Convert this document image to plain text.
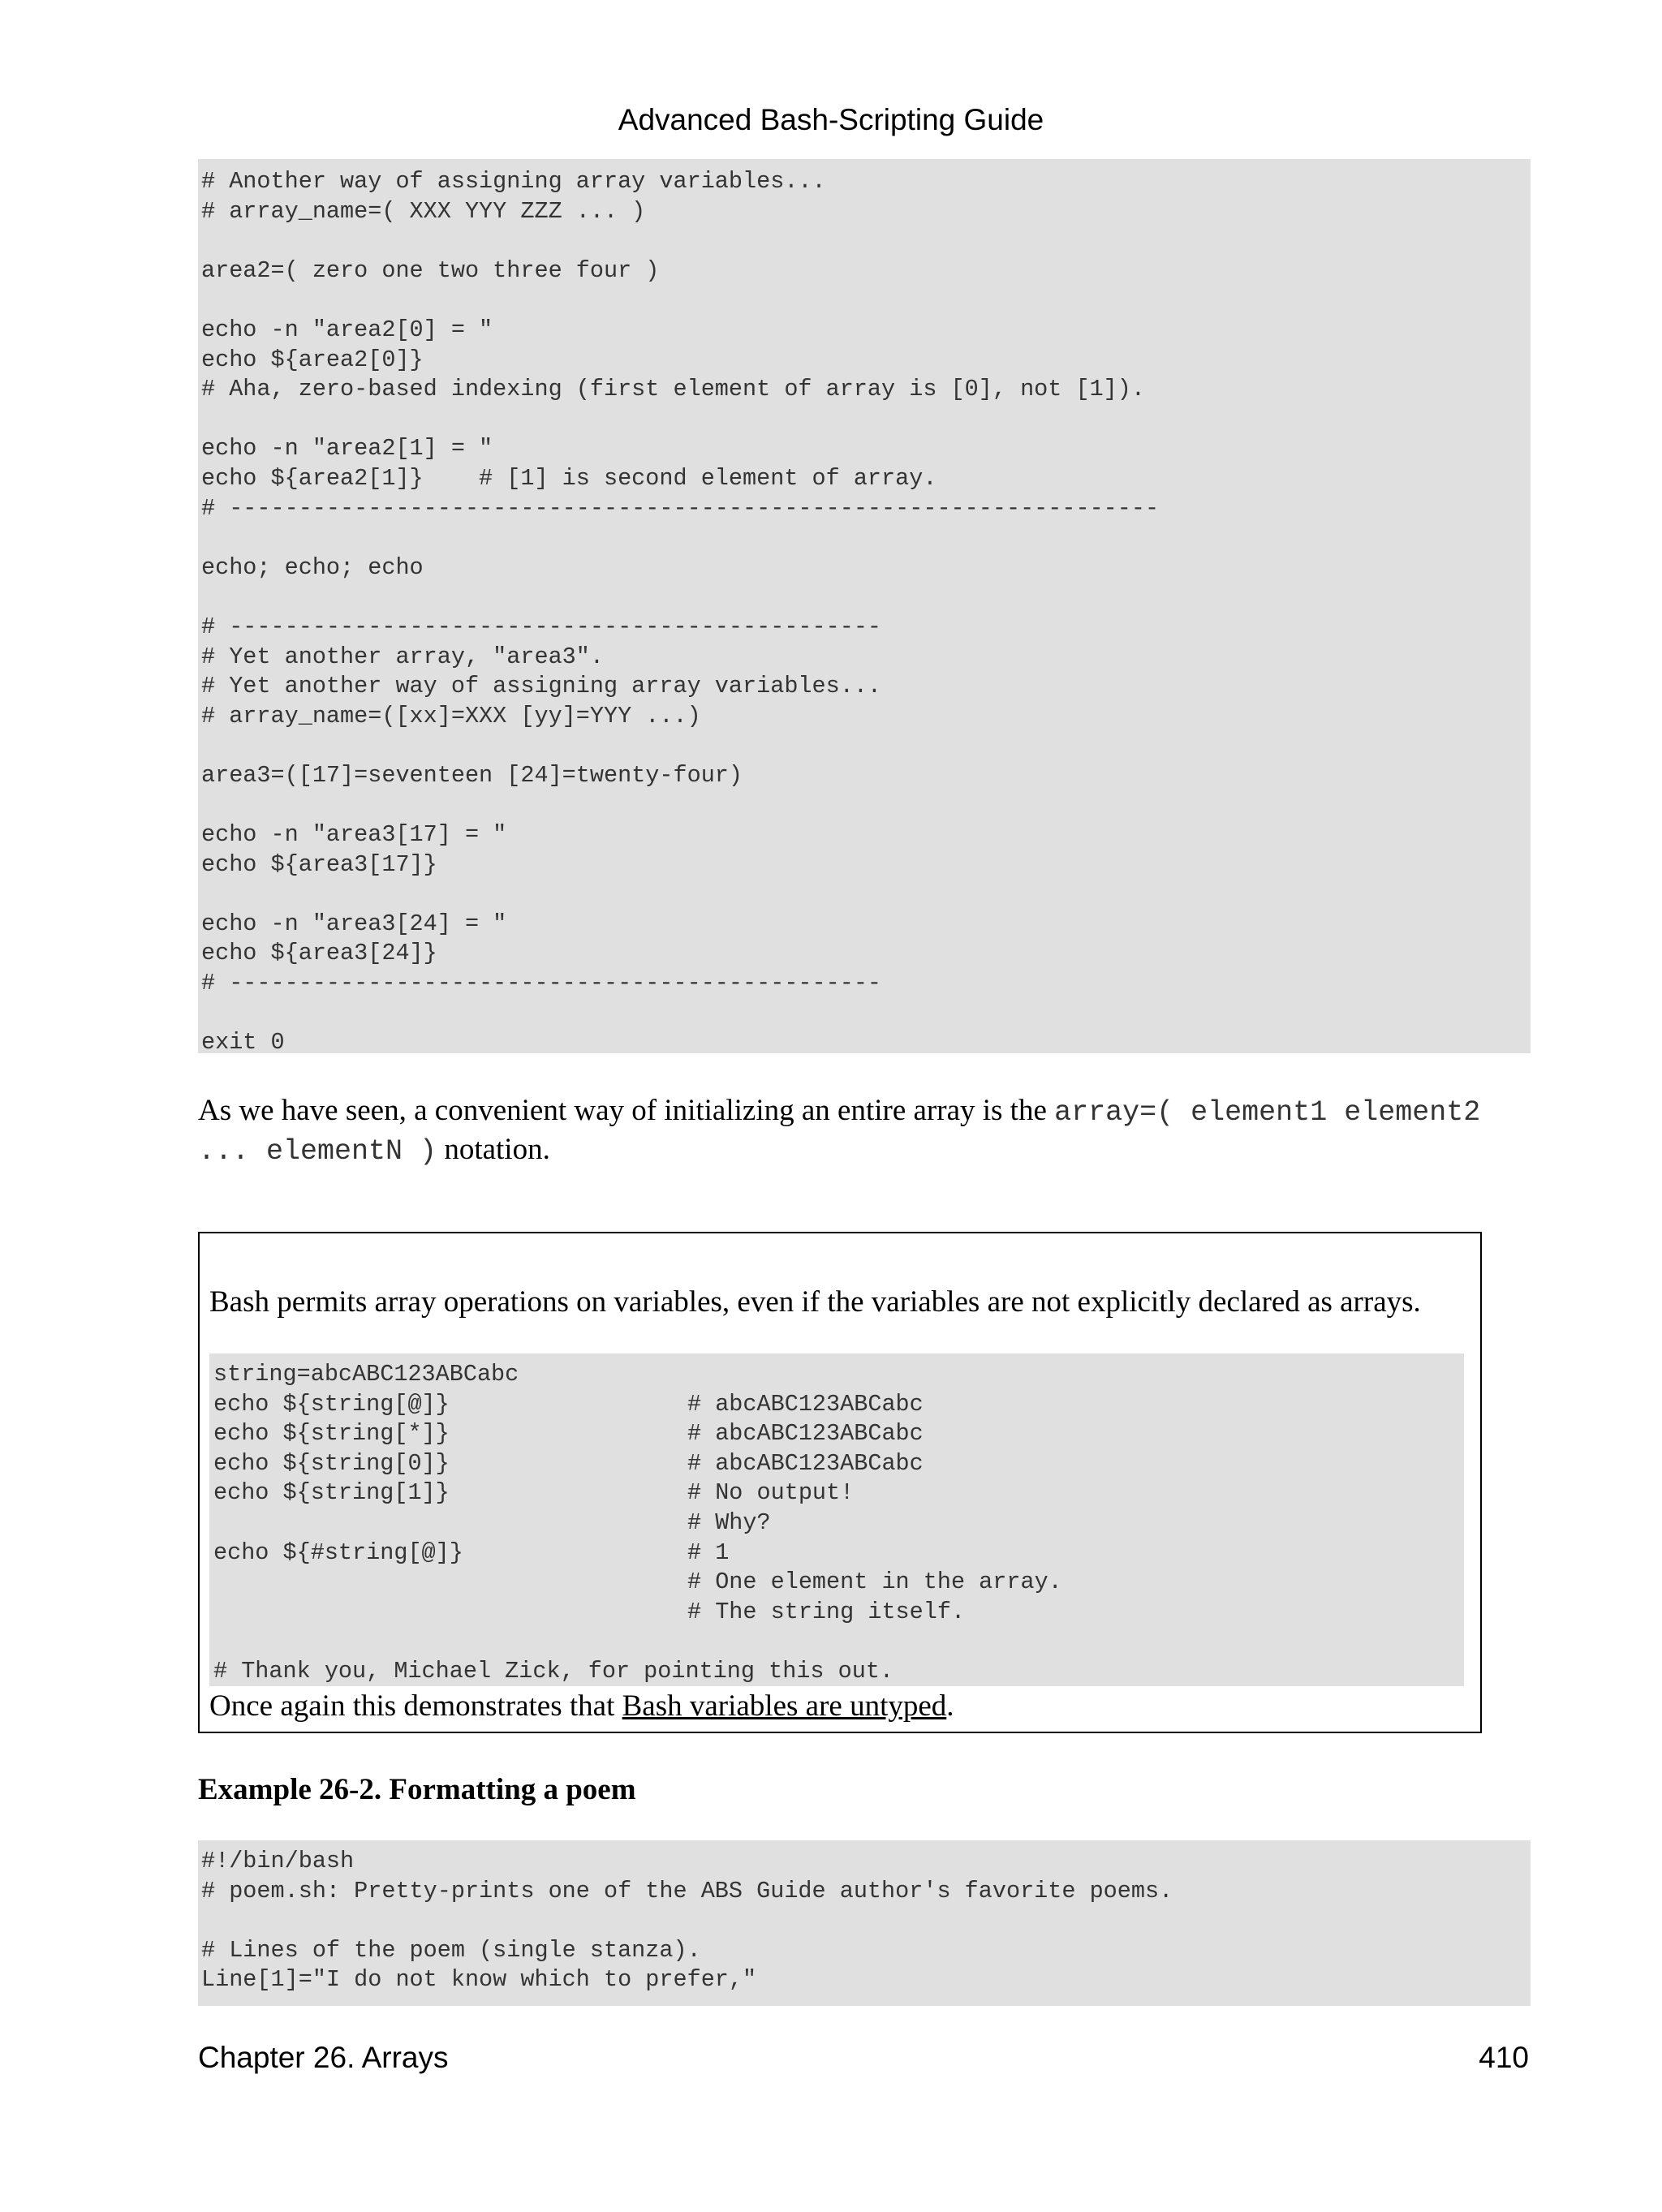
Advanced Bash-Scripting Guide
# Another way of assigning array variables...
# array_name=( XXX YYY ZZZ ... )
area2=( zero one two three four )
echo -n "area2[0] = "
echo ${area2[0]}
# Aha, zero-based indexing (first element of array is [0], not [1]).
echo -n "area2[1] = "
echo ${area2[1]}    # [1] is second element of array.
# -------------------------------------------------------------------
echo; echo; echo
# -----------------------------------------------
# Yet another array, "area3".
# Yet another way of assigning array variables...
# array_name=([xx]=XXX [yy]=YYY ...)
area3=([17]=seventeen [24]=twenty-four)
echo -n "area3[17] = "
echo ${area3[17]}
echo -n "area3[24] = "
echo ${area3[24]}
# -----------------------------------------------
exit 0
As we have seen, a convenient way of initializing an entire array is the array=( element1 element2
... elementN ) notation.
Bash permits array operations on variables, even if the variables are not explicitly declared as arrays.
string=abcABC123ABCabc
echo ${string[@]}	# abcABC123ABCabc
echo ${string[*]}	# abcABC123ABCabc
echo ${string[0]}	# abcABC123ABCabc
echo ${string[1]}	# No output!
# Why?
echo ${#string[@]}	# 1
# One element in the array.
# The string itself.
# Thank you, Michael Zick, for pointing this out.
Once again this demonstrates that Bash variables are untyped.
Example 26-2. Formatting a poem
#!/bin/bash
# poem.sh: Pretty-prints one of the ABS Guide author's favorite poems.
# Lines of the poem (single stanza).
Line[1]="I do not know which to prefer,"
Chapter 26. Arrays	410
